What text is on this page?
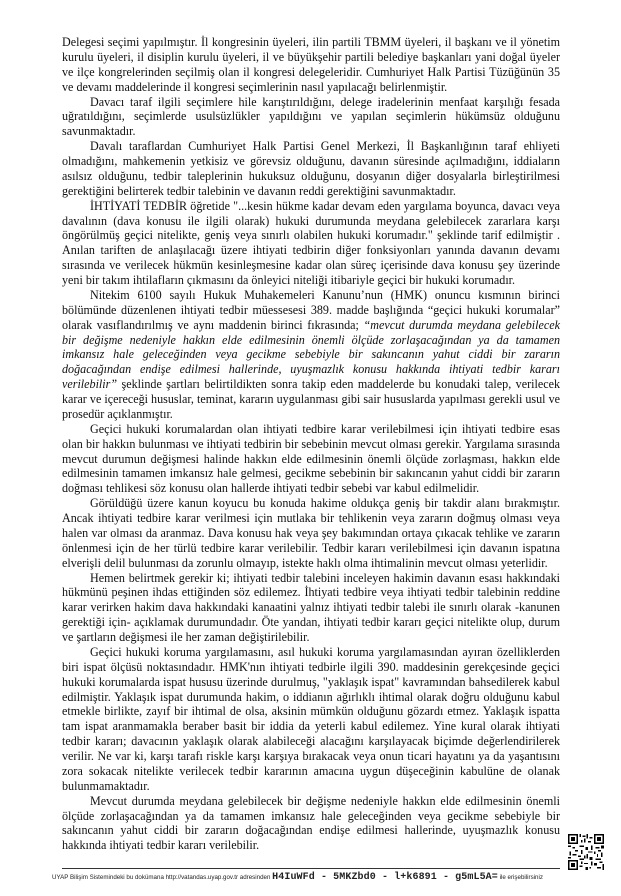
Delegesi seçimi yapılmıştır. İl kongresinin üyeleri, ilin partili TBMM üyeleri, il başkanı ve il yönetim kurulu üyeleri, il disiplin kurulu üyeleri, il ve büyükşehir partili belediye başkanları yani doğal üyeler ve ilçe kongrelerinden seçilmiş olan il kongresi delegeleridir. Cumhuriyet Halk Partisi Tüzüğünün 35 ve devamı maddelerinde il kongresi seçimlerinin nasıl yapılacağı belirlenmiştir.

Davacı taraf ilgili seçimlere hile karıştırıldığını, delege iradelerinin menfaat karşılığı fesada uğratıldığını, seçimlerde usulsüzlükler yapıldığını ve yapılan seçimlerin hükümsüz olduğunu savunmaktadır.

Davalı taraflardan Cumhuriyet Halk Partisi Genel Merkezi, İl Başkanlığının taraf ehliyeti olmadığını, mahkemenin yetkisiz ve görevsiz olduğunu, davanın süresinde açılmadığını, iddiaların asılsız olduğunu, tedbir taleplerinin hukuksuz olduğunu, dosyanın diğer dosyalarla birleştirilmesi gerektiğini belirterek tedbir talebinin ve davanın reddi gerektiğini savunmaktadır.

İHTİYATİ TEDBİR öğretide "...kesin hükme kadar devam eden yargılama boyunca, davacı veya davalının (dava konusu ile ilgili olarak) hukuki durumunda meydana gelebilecek zararlara karşı öngörülmüş geçici nitelikte, geniş veya sınırlı olabilen hukuki korumadır." şeklinde tarif edilmiştir . Anılan tariften de anlaşılacağı üzere ihtiyati tedbirin diğer fonksiyonları yanında davanın devamı sırasında ve verilecek hükmün kesinleşmesine kadar olan süreç içerisinde dava konusu şey üzerinde yeni bir takım ihtilafların çıkmasını da önleyici niteliği itibariyle geçici bir hukuki korumadır.

Nitekim 6100 sayılı Hukuk Muhakemeleri Kanunu’nun (HMK) onuncu kısmının birinci bölümünde düzenlenen ihtiyati tedbir müessesesi 389. madde başlığında “geçici hukuki korumalar” olarak vasıflandırılmış ve aynı maddenin birinci fıkrasında; “mevcut durumda meydana gelebilecek bir değişme nedeniyle hakkın elde edilmesinin önemli ölçüde zorlaşacağından ya da tamamen imkansız hale geleceğinden veya gecikme sebebiyle bir sakıncanın yahut ciddi bir zararın doğacağından endişe edilmesi hallerinde, uyuşmazlık konusu hakkında ihtiyati tedbir kararı verilebilir” şeklinde şartları belirtildikten sonra takip eden maddelerde bu konudaki talep, verilecek karar ve içereceği hususlar, teminat, kararın uygulanması gibi sair hususlarda yapılması gerekli usul ve prosedür açıklanmıştır.

Geçici hukuki korumalardan olan ihtiyati tedbire karar verilebilmesi için ihtiyati tedbire esas olan bir hakkın bulunması ve ihtiyati tedbirin bir sebebinin mevcut olması gerekir. Yargılama sırasında mevcut durumun değişmesi halinde hakkın elde edilmesinin önemli ölçüde zorlaşması, hakkın elde edilmesinin tamamen imkansız hale gelmesi, gecikme sebebinin bir sakıncanın yahut ciddi bir zararın doğması tehlikesi söz konusu olan hallerde ihtiyati tedbir sebebi var kabul edilmelidir.

Görüldüğü üzere kanun koyucu bu konuda hakime oldukça geniş bir takdir alanı bırakmıştır. Ancak ihtiyati tedbire karar verilmesi için mutlaka bir tehlikenin veya zararın doğmuş olması veya halen var olması da aranmaz. Dava konusu hak veya şey bakımından ortaya çıkacak tehlike ve zararın önlenmesi için de her türlü tedbire karar verilebilir. Tedbir kararı verilebilmesi için davanın ispatına elverişli delil bulunması da zorunlu olmayıp, istekte haklı olma ihtimalinin mevcut olması yeterlidir.

Hemen belirtmek gerekir ki; ihtiyati tedbir talebini inceleyen hakimin davanın esası hakkındaki hükmünü peşinen ihdas ettiğinden söz edilemez. İhtiyati tedbire veya ihtiyati tedbir talebinin reddine karar verirken hakim dava hakkındaki kanaatini yalnız ihtiyati tedbir talebi ile sınırlı olarak -kanunen gerektiği için- açıklamak durumundadır. Öte yandan, ihtiyati tedbir kararı geçici nitelikte olup, durum ve şartların değişmesi ile her zaman değiştirilebilir.

Geçici hukuki koruma yargılamasını, asıl hukuki koruma yargılamasından ayıran özelliklerden biri ispat ölçüsü noktasındadır. HMK'nın ihtiyati tedbirle ilgili 390. maddesinin gerekçesinde geçici hukuki korumalarda ispat hususu üzerinde durulmuş, "yaklaşık ispat" kavramından bahsedilerek kabul edilmiştir. Yaklaşık ispat durumunda hakim, o iddianın ağırlıklı ihtimal olarak doğru olduğunu kabul etmekle birlikte, zayıf bir ihtimal de olsa, aksinin mümkün olduğunu gözardı etmez. Yaklaşık ispatta tam ispat aranmamakla beraber basit bir iddia da yeterli kabul edilemez. Yine kural olarak ihtiyati tedbir kararı; davacının yaklaşık olarak alabileceği alacağını karşılayacak biçimde değerlendirilerek verilir. Ne var ki, karşı tarafı riskle karşı karşıya bırakacak veya onun ticari hayatını ya da yaşantısını zora sokacak nitelikte verilecek tedbir kararının amacına uygun düşeceğinin kabulüne de olanak bulunmamaktadır.

Mevcut durumda meydana gelebilecek bir değişme nedeniyle hakkın elde edilmesinin önemli ölçüde zorlaşacağından ya da tamamen imkansız hale geleceğinden veya gecikme sebebiyle bir sakıncanın yahut ciddi bir zararın doğacağından endişe edilmesi hallerinde, uyuşmazlık konusu hakkında ihtiyati tedbir kararı verilebilir.

UYAP Bilişim Sistemindeki bu dokümana http://vatandas.uyap.gov.tr adresinden H4IuWFd - 5MKZbd0 - l+k6891 - g5mL5A= ile erişebilirsiniz
